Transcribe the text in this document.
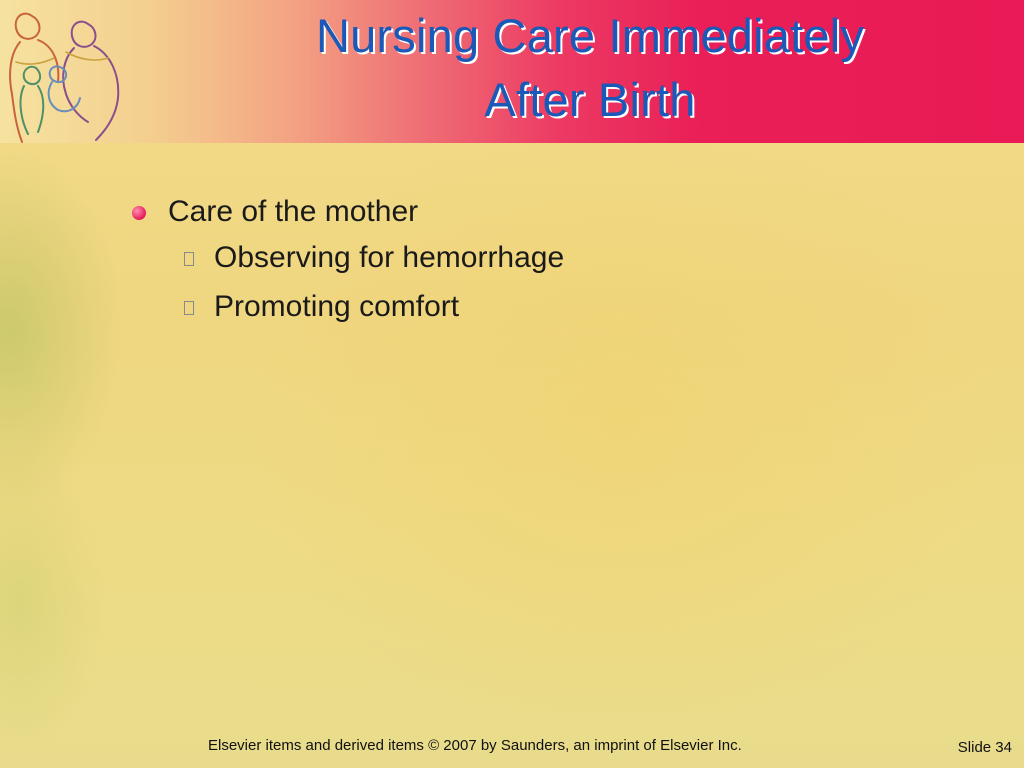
Nursing Care Immediately
After Birth
Care of the mother
Observing for hemorrhage
Promoting comfort
Elsevier items and derived items © 2007 by Saunders, an imprint of Elsevier Inc.	Slide 34
